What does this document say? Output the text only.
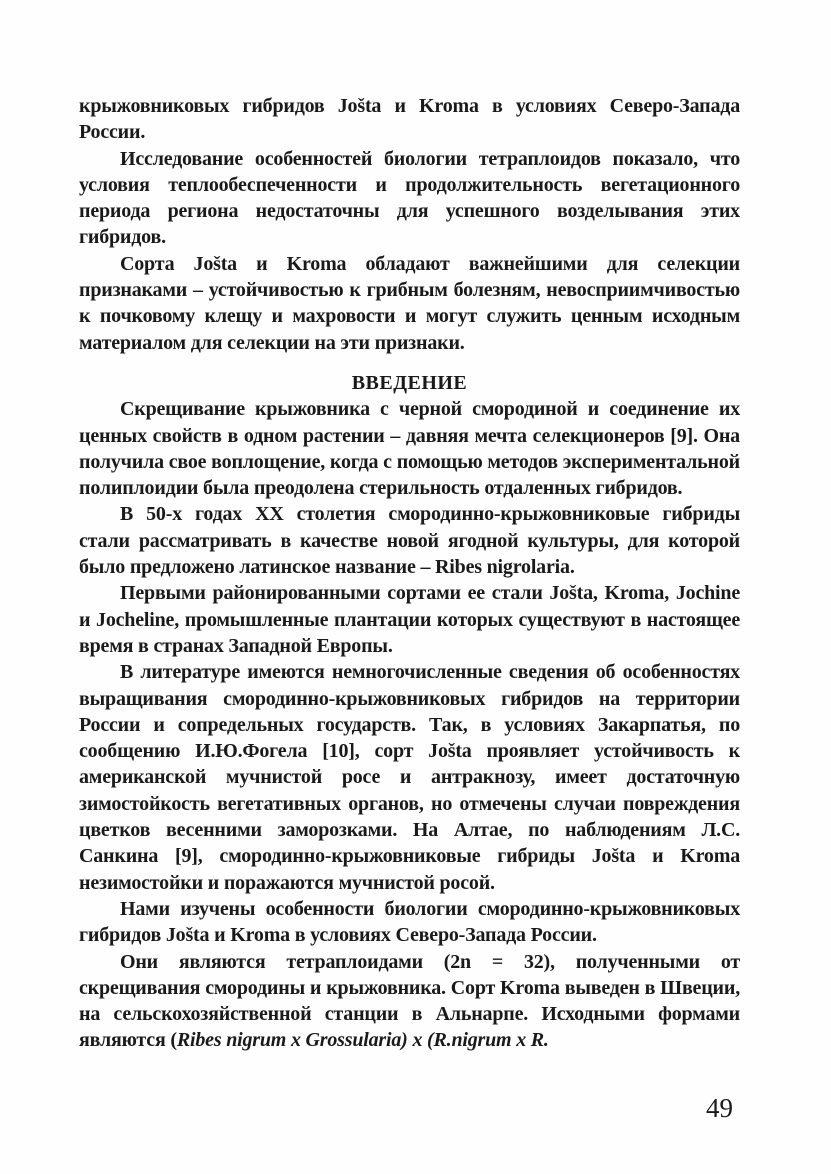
крыжовниковых гибридов Jošta и Kroma в условиях Северо-Запада России.

Исследование особенностей биологии тетраплоидов показало, что условия теплообеспеченности и продолжительность вегетационного периода региона недостаточны для успешного возделывания этих гибридов.

Сорта Jošta и Kroma обладают важнейшими для селекции признаками – устойчивостью к грибным болезням, невосприимчивостью к почковому клещу и махровости и могут служить ценным исходным материалом для селекции на эти признаки.

ВВЕДЕНИЕ

Скрещивание крыжовника с черной смородиной и соединение их ценных свойств в одном растении – давняя мечта селекционеров [9]. Она получила свое воплощение, когда с помощью методов экспериментальной полиплоидии была преодолена стерильность отдаленных гибридов.

В 50-х годах XX столетия смородинно-крыжовниковые гибриды стали рассматривать в качестве новой ягодной культуры, для которой было предложено латинское название – Ribes nigrolaria.

Первыми районированными сортами ее стали Jošta, Kroma, Jochine и Jocheline, промышленные плантации которых существуют в настоящее время в странах Западной Европы.

В литературе имеются немногочисленные сведения об особенностях выращивания смородинно-крыжовниковых гибридов на территории России и сопредельных государств. Так, в условиях Закарпатья, по сообщению И.Ю.Фогела [10], сорт Jošta проявляет устойчивость к американской мучнистой росе и антракнозу, имеет достаточную зимостойкость вегетативных органов, но отмечены случаи повреждения цветков весенними заморозками. На Алтае, по наблюдениям Л.С. Санкина [9], смородинно-крыжовниковые гибриды Jošta и Kroma незимостойки и поражаются мучнистой росой.

Нами изучены особенности биологии смородинно-крыжовниковых гибридов Jošta и Kroma в условиях Северо-Запада России.

Они являются тетраплоидами (2n = 32), полученными от скрещивания смородины и крыжовника. Сорт Kroma выведен в Швеции, на сельскохозяйственной станции в Альнарпе. Исходными формами являются (Ribes nigrum x Grossularia) x (R.nigrum x R.

49
